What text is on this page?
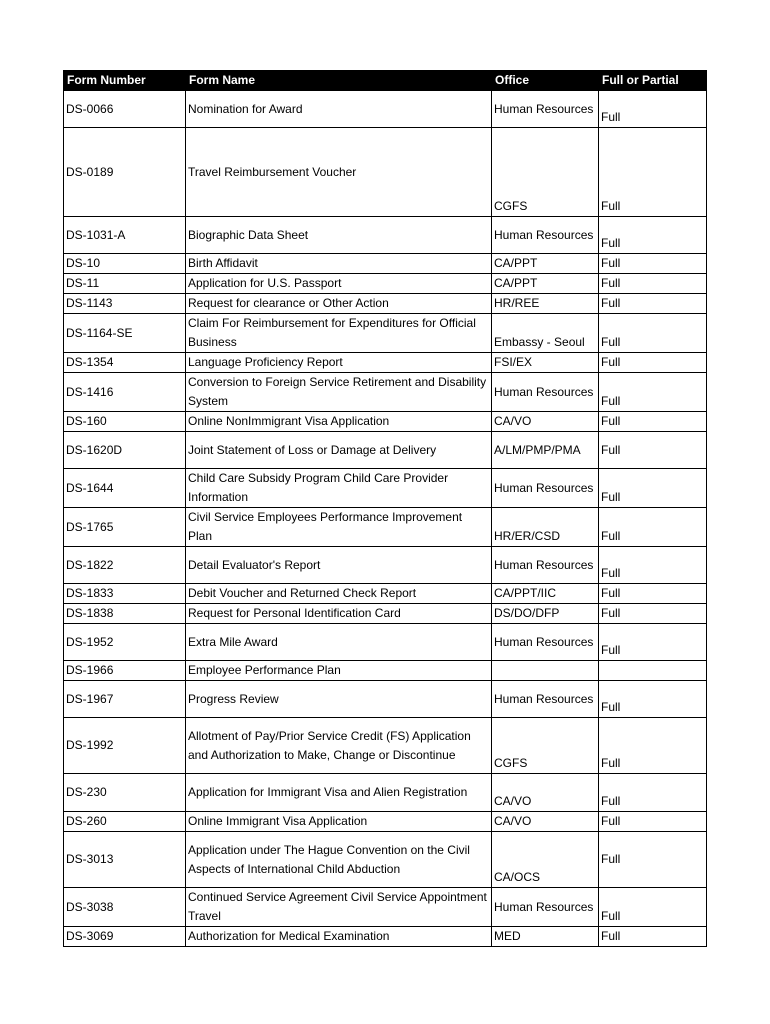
Form Number	Form Name	Office	Full or Partial
DS-0066	Nomination for Award	Human Resources	Full
DS-0189	Travel Reimbursement Voucher	CGFS	Full
DS-1031-A	Biographic Data Sheet	Human Resources	Full
DS-10	Birth Affidavit	CA/PPT	Full
DS-11	Application for U.S. Passport	CA/PPT	Full
DS-1143	Request for clearance or Other Action	HR/REE	Full
DS-1164-SE	Claim For Reimbursement for Expenditures for Official Business	Embassy - Seoul	Full
DS-1354	Language Proficiency Report	FSI/EX	Full
DS-1416	Conversion to Foreign Service Retirement and Disability System	Human Resources	Full
DS-160	Online NonImmigrant Visa Application	CA/VO	Full
DS-1620D	Joint Statement of Loss or Damage at Delivery	A/LM/PMP/PMA	Full
DS-1644	Child Care Subsidy Program Child Care Provider Information	Human Resources	Full
DS-1765	Civil Service Employees Performance Improvement Plan	HR/ER/CSD	Full
DS-1822	Detail Evaluator's Report	Human Resources	Full
DS-1833	Debit Voucher and Returned Check Report	CA/PPT/IIC	Full
DS-1838	Request for Personal Identification Card	DS/DO/DFP	Full
DS-1952	Extra Mile Award	Human Resources	Full
DS-1966	Employee Performance Plan		
DS-1967	Progress Review	Human Resources	Full
DS-1992	Allotment of Pay/Prior Service Credit (FS) Application and Authorization to Make, Change or Discontinue	CGFS	Full
DS-230	Application for Immigrant Visa and Alien Registration	CA/VO	Full
DS-260	Online Immigrant Visa Application	CA/VO	Full
DS-3013	Application under The Hague Convention on the Civil Aspects of International Child Abduction	CA/OCS	Full
DS-3038	Continued Service Agreement Civil Service Appointment Travel	Human Resources	Full
DS-3069	Authorization for Medical Examination	MED	Full
